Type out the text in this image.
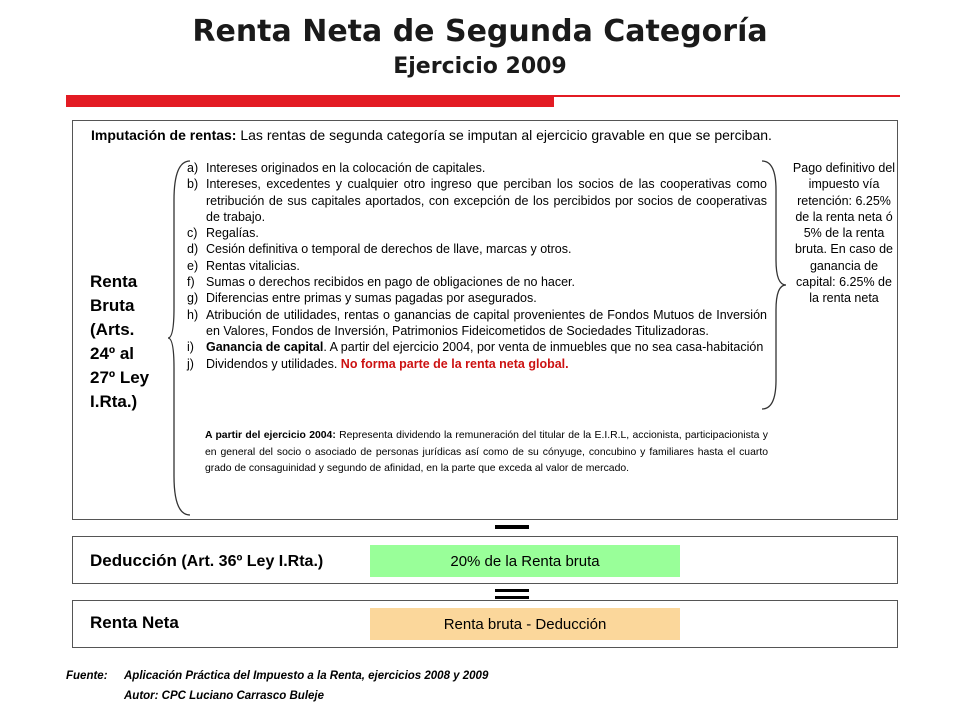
Renta Neta de Segunda Categoría
Ejercicio 2009
Imputación de rentas: Las rentas de segunda categoría se imputan al ejercicio gravable en que se perciban.
Renta
Bruta
(Arts.
24º al
27º Ley
I.Rta.)
a) Intereses originados en la colocación de capitales.
b) Intereses, excedentes y cualquier otro ingreso que perciban los socios de las cooperativas como retribución de sus capitales aportados, con excepción de los percibidos por socios de cooperativas de trabajo.
c) Regalías.
d) Cesión definitiva o temporal de derechos de llave, marcas y otros.
e) Rentas vitalicias.
f) Sumas o derechos recibidos en pago de obligaciones de no hacer.
g) Diferencias entre primas y sumas pagadas por asegurados.
h) Atribución de utilidades, rentas o ganancias de capital provenientes de Fondos Mutuos de Inversión en Valores, Fondos de Inversión, Patrimonios Fideicometidos de Sociedades Titulizadoras.
i) Ganancia de capital. A partir del ejercicio 2004, por venta de inmuebles que no sea casa-habitación
j) Dividendos y utilidades. No forma parte de la renta neta global.
A partir del ejercicio 2004: Representa dividendo la remuneración del titular de la E.I.R.L, accionista, participacionista y en general del socio o asociado de personas jurídicas así como de su cónyuge, concubino y familiares hasta el cuarto grado de consaguinidad y segundo de afinidad, en la parte que exceda al valor de mercado.
Pago definitivo del impuesto vía retención: 6.25% de la renta neta ó 5% de la renta bruta. En caso de ganancia de capital: 6.25% de la renta neta
Deducción (Art. 36º Ley I.Rta.)	20% de la Renta bruta
Renta Neta	Renta bruta - Deducción
Fuente: Aplicación Práctica del Impuesto a la Renta, ejercicios 2008 y 2009
Autor: CPC Luciano Carrasco Buleje
